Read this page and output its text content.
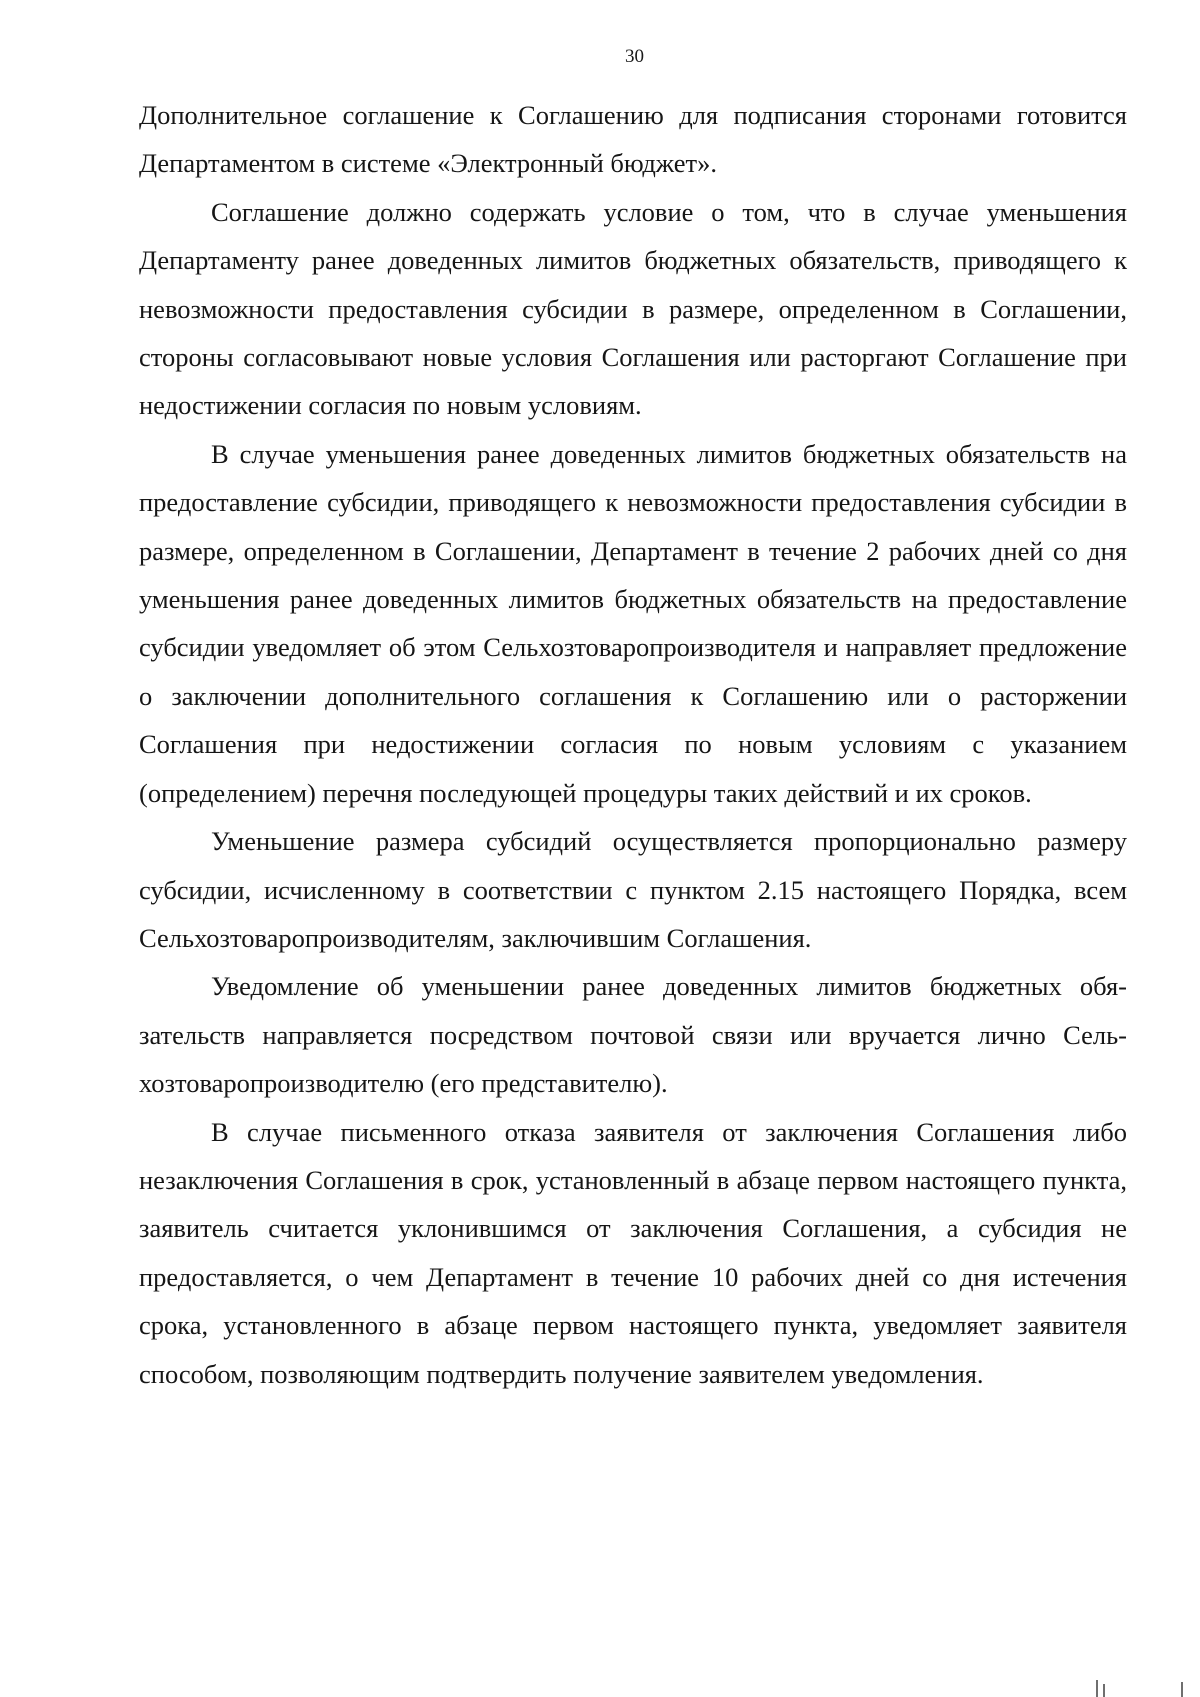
30

Дополнительное соглашение к Соглашению для подписания сторонами готовится Департаментом в системе «Электронный бюджет».

Соглашение должно содержать условие о том, что в случае уменьшения Департаменту ранее доведенных лимитов бюджетных обязательств, приводящего к невозможности предоставления субсидии в размере, определенном в Соглашении, стороны согласовывают новые условия Соглашения или расторгают Соглашение при недостижении согласия по новым условиям.

В случае уменьшения ранее доведенных лимитов бюджетных обязательств на предоставление субсидии, приводящего к невозможности предоставления субсидии в размере, определенном в Соглашении, Департамент в течение 2 рабочих дней со дня уменьшения ранее доведенных лимитов бюджетных обязательств на предоставление субсидии уведомляет об этом Сельхозтоваропроизводителя и направляет предложение о заключении дополнительного соглашения к Соглашению или о расторжении Соглашения при недостижении согласия по новым условиям с указанием (определением) перечня последующей процедуры таких действий и их сроков.

Уменьшение размера субсидий осуществляется пропорционально размеру субсидии, исчисленному в соответствии с пунктом 2.15 настоящего Порядка, всем Сельхозтоваропроизводителям, заключившим Соглашения.

Уведомление об уменьшении ранее доведенных лимитов бюджетных обязательств направляется посредством почтовой связи или вручается лично Сельхозтоваропроизводителю (его представителю).

В случае письменного отказа заявителя от заключения Соглашения либо незаключения Соглашения в срок, установленный в абзаце первом настоящего пункта, заявитель считается уклонившимся от заключения Соглашения, а субсидия не предоставляется, о чем Департамент в течение 10 рабочих дней со дня истечения срока, установленного в абзаце первом настоящего пункта, уведомляет заявителя способом, позволяющим подтвердить получение заявителем уведомления.
